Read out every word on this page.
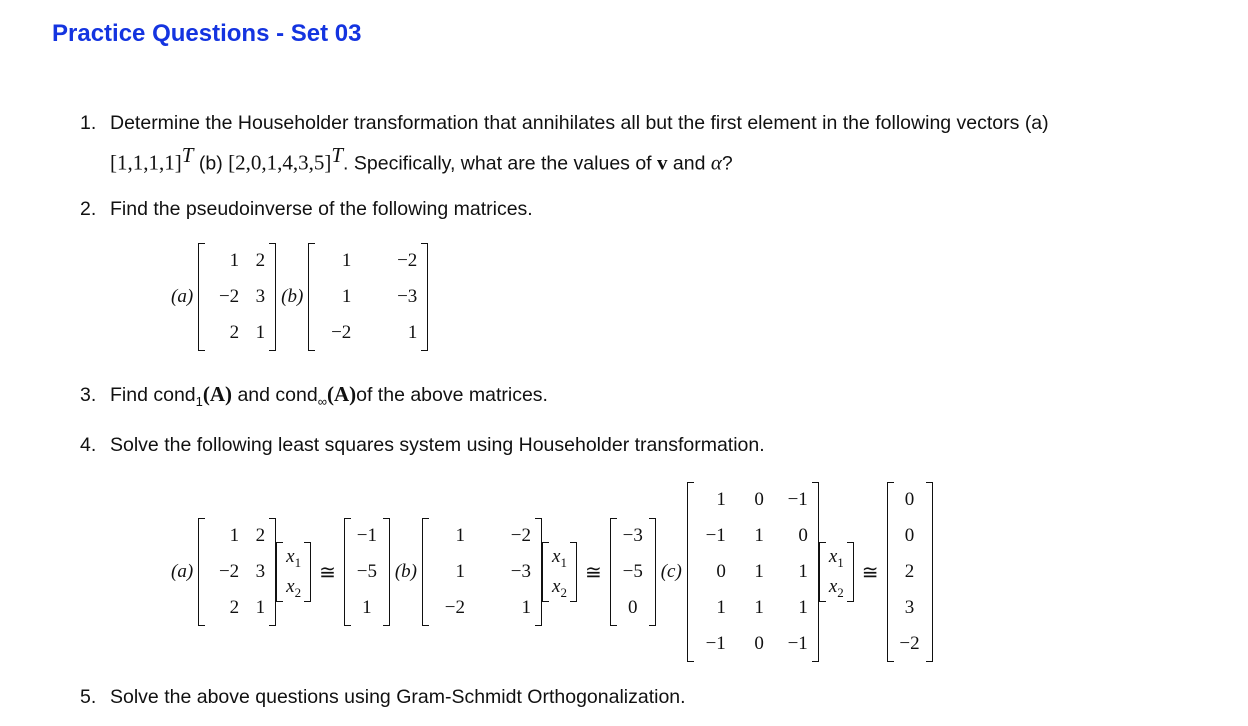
Practice Questions - Set 03
1. Determine the Householder transformation that annihilates all but the first element in the following vectors (a)
$[1,1,1,1]^T$ (b) $[2,0,1,4,3,5]^T$. Specifically, what are the values of v and α?
2. Find the pseudoinverse of the following matrices.
(a)
1 2
−2 3
2 1
(b)
1 −2
1 −3
−2	1
3. Find cond$_1$(A) and cond$_\infty$(A)of the above matrices.
4. Solve the following least squares system using Householder transformation.
(a)
1 2
−2 3
2 1
$x_1$
$x_2$
≅
−1
−5
1
(b)
1 −2
1 −3
−2	1
$x_1$
$x_2$
≅
−3
−5
0
(c)
1 0 −1
−1 1 0
0 1 1
1 1 1
−1 0 −1
$x_1$
$x_2$
≅
0
0
2
3
−2
5. Solve the above questions using Gram-Schmidt Orthogonalization.
